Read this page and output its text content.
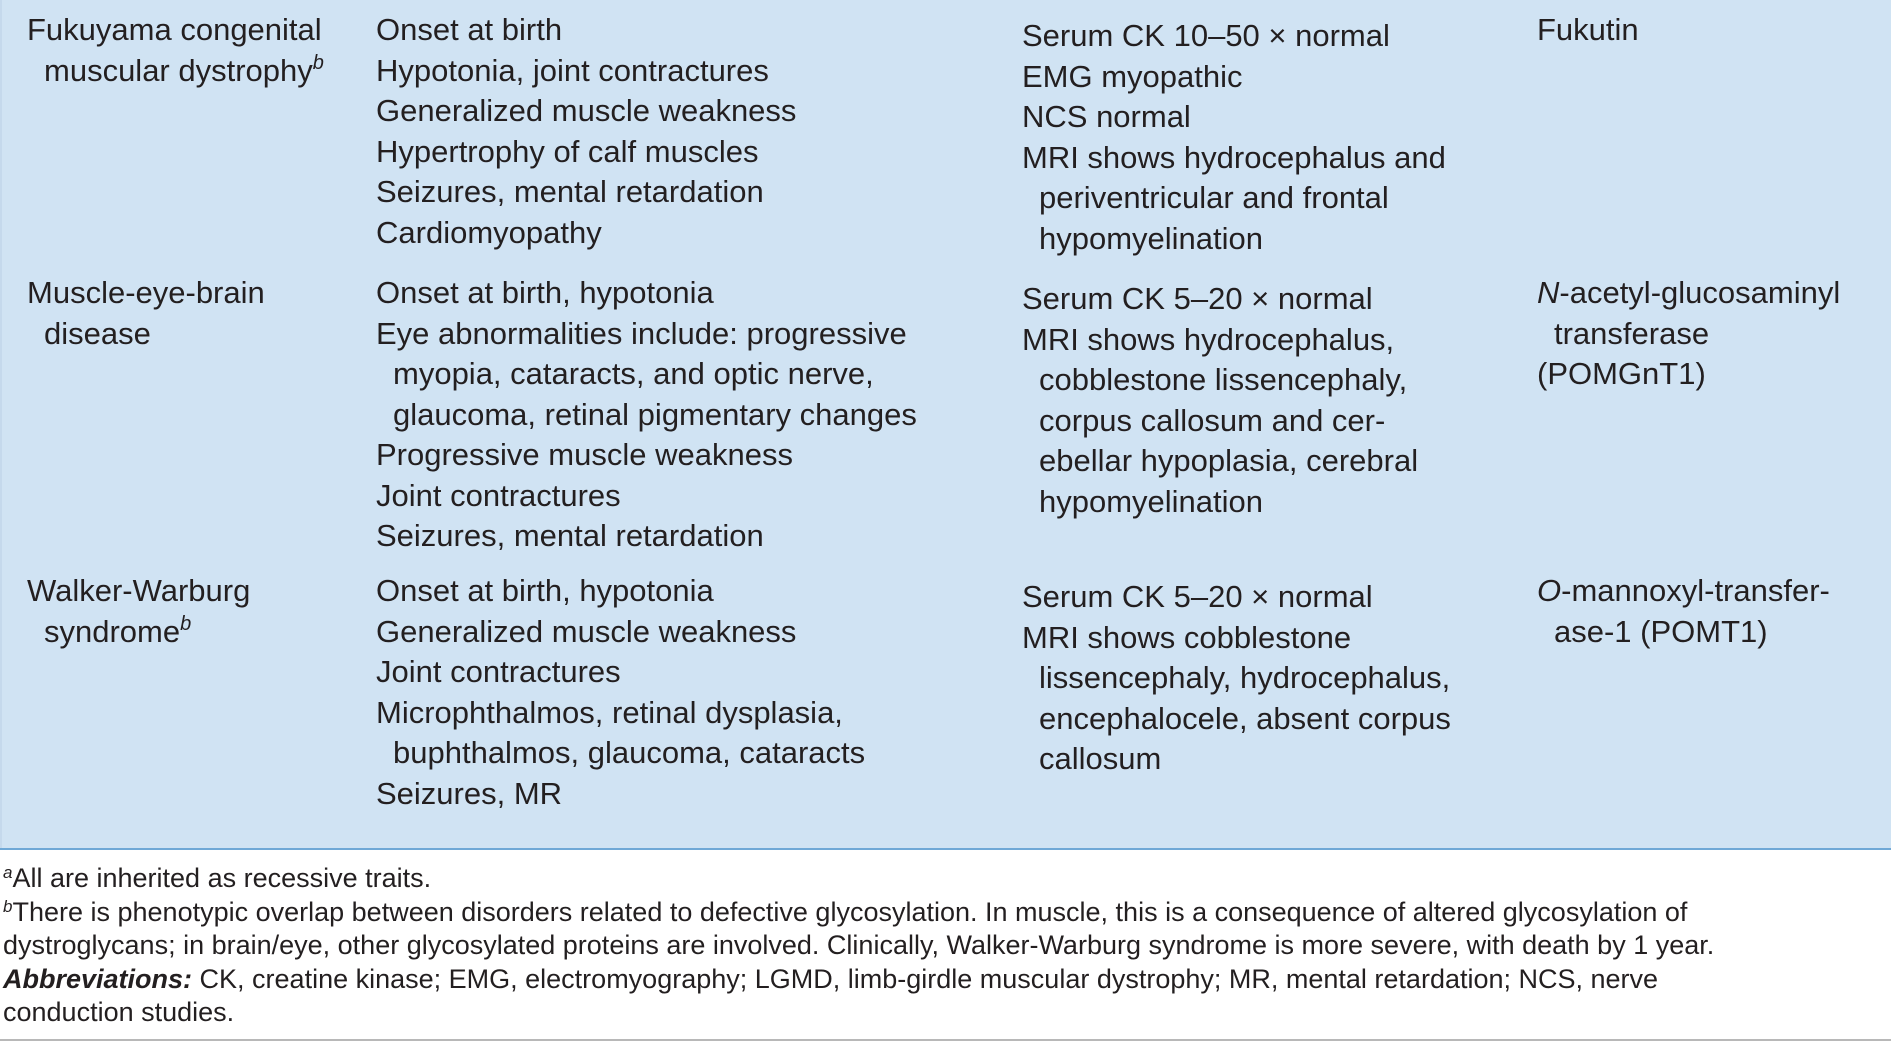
Fukuyama congenital
muscular dystrophy$^b$
Onset at birth
Hypotonia, joint contractures
Generalized muscle weakness
Hypertrophy of calf muscles
Seizures, mental retardation
Cardiomyopathy
Serum CK 10–50 × normal
EMG myopathic
NCS normal
MRI shows hydrocephalus and
periventricular and frontal
hypomyelination
Fukutin
Muscle-eye-brain
disease
Onset at birth, hypotonia
Eye abnormalities include: progressive
myopia, cataracts, and optic nerve,
glaucoma, retinal pigmentary changes
Progressive muscle weakness
Joint contractures
Seizures, mental retardation
Serum CK 5–20 × normal
MRI shows hydrocephalus,
cobblestone lissencephaly,
corpus callosum and cer-
ebellar hypoplasia, cerebral
hypomyelination
N-acetyl-glucosaminyl
transferase
(POMGnT1)
Walker-Warburg
syndrome$^b$
Onset at birth, hypotonia
Generalized muscle weakness
Joint contractures
Microphthalmos, retinal dysplasia,
buphthalmos, glaucoma, cataracts
Seizures, MR
Serum CK 5–20 × normal
MRI shows cobblestone
lissencephaly, hydrocephalus,
encephalocele, absent corpus
callosum
O-mannoxyl-transfer-
ase-1 (POMT1)
$^a$All are inherited as recessive traits.
$^b$There is phenotypic overlap between disorders related to defective glycosylation. In muscle, this is a consequence of altered glycosylation of
dystroglycans; in brain/eye, other glycosylated proteins are involved. Clinically, Walker-Warburg syndrome is more severe, with death by 1 year.
Abbreviations: CK, creatine kinase; EMG, electromyography; LGMD, limb-girdle muscular dystrophy; MR, mental retardation; NCS, nerve
conduction studies.
